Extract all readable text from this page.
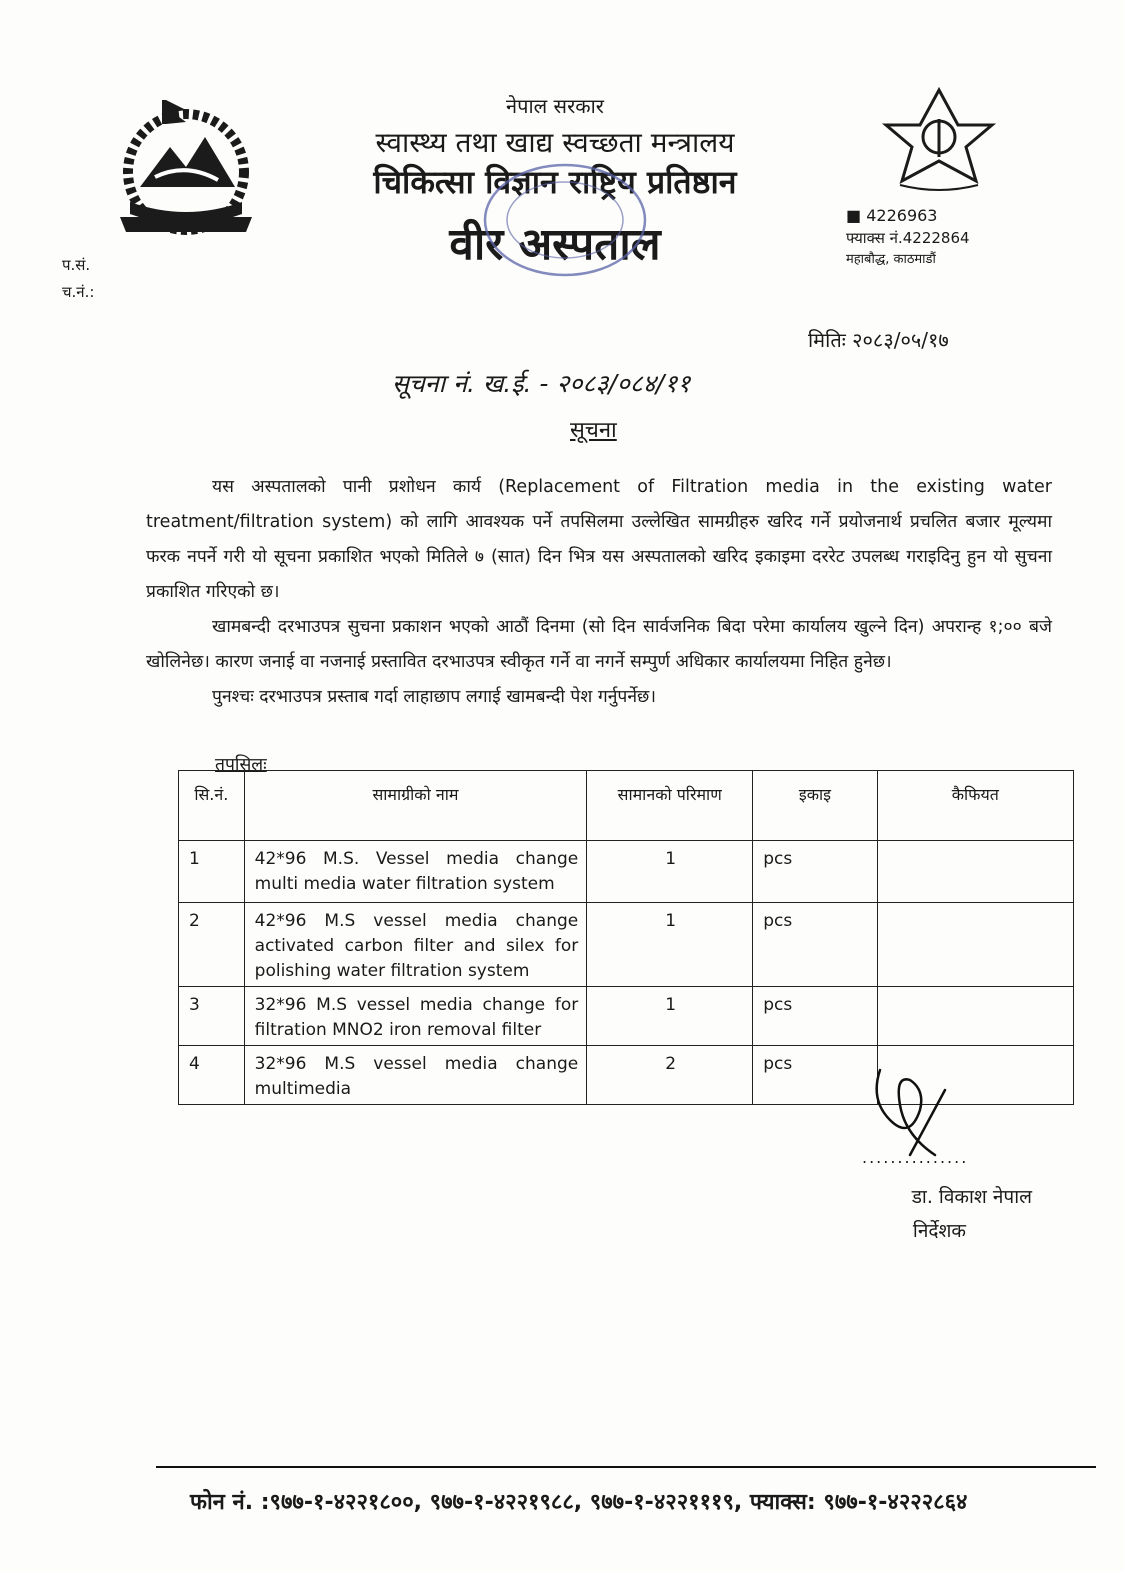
नेपाल सरकार
स्वास्थ्य तथा खाद्य स्वच्छता मन्त्रालय
चिकित्सा विज्ञान राष्ट्रिय प्रतिष्ठान
वीर अस्पताल
■ 4226963
फ्याक्स नं.4222864
महाबौद्ध, काठमाडौं
प.सं.
च.नं.:
मितिः २०८३/०५/१७
सूचना नं. ख.ई. - २०८३/०८४/११
सूचना

यस अस्पतालको पानी प्रशोधन कार्य (Replacement of Filtration media in the existing water treatment/filtration system) को लागि आवश्यक पर्ने तपसिलमा उल्लेखित सामग्रीहरु खरिद गर्ने प्रयोजनार्थ प्रचलित बजार मूल्यमा फरक नपर्ने गरी यो सूचना प्रकाशित भएको मितिले ७ (सात) दिन भित्र यस अस्पतालको खरिद इकाइमा दररेट उपलब्ध गराइदिनु हुन यो सुचना प्रकाशित गरिएको छ।

खामबन्दी दरभाउपत्र सुचना प्रकाशन भएको आठौं दिनमा (सो दिन सार्वजनिक बिदा परेमा कार्यालय खुल्ने दिन) अपरान्ह १;०० बजे खोलिनेछ। कारण जनाई वा नजनाई प्रस्तावित दरभाउपत्र स्वीकृत गर्ने वा नगर्ने सम्पुर्ण अधिकार कार्यालयमा निहित हुनेछ।

पुनश्चः दरभाउपत्र प्रस्ताब गर्दा लाहाछाप लगाई खामबन्दी पेश गर्नुपर्नेछ।

तपसिलः
सि.नं.	सामाग्रीको नाम	सामानको परिमाण	इकाइ	कैफियत
1	42*96 M.S. Vessel media change multi media water filtration system	1	pcs	
2	42*96 M.S vessel media change activated carbon filter and silex for polishing water filtration system	1	pcs	
3	32*96 M.S vessel media change for filtration MNO2 iron removal filter	1	pcs	
4	32*96 M.S vessel media change multimedia	2	pcs	
...............
डा. विकाश नेपाल
निर्देशक
फोन नं. :९७७-१-४२२१८००, ९७७-१-४२२१९८८, ९७७-१-४२२१११९, फ्याक्स: ९७७-१-४२२२८६४
